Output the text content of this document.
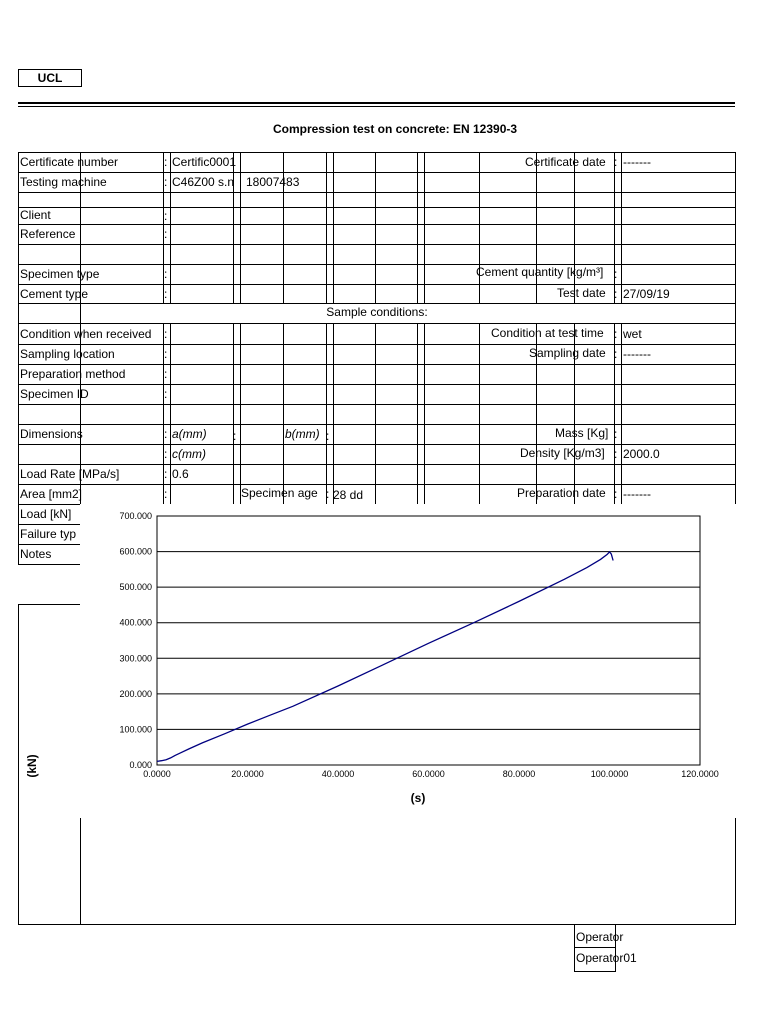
UCL
Compression test on concrete: EN 12390-3
Certificate number	Certific0001	Certificate date -------
Testing machine	C46Z00 s.n 18007483
Client
Reference
Specimen type	Cement quantity [kg/m³]
Cement type	Test date 27/09/19
Sample conditions:
Condition when received	Condition at test time wet
Sampling location	Sampling date -------
Preparation method
Specimen ID
Dimensions	a(mm)	b(mm)	Mass [Kg]
c(mm)	Density [Kg/m3] 2000.0
Load Rate [MPa/s]	0.6
Area [mm2]	Specimen age 28 dd	Preparation date -------
Load [kN]
Failure typ
Notes
:	:
:
:
:
:	:
:	:
:	:
:	:
:
:
:	:	:	:
:	:
:
:	:	:
0.000
100.000
200.000
300.000
400.000
500.000
600.000
700.000
0.0000	20.0000	40.0000	60.0000	80.0000	100.0000	120.0000
(s)
(kN)
Operator
Operator01
